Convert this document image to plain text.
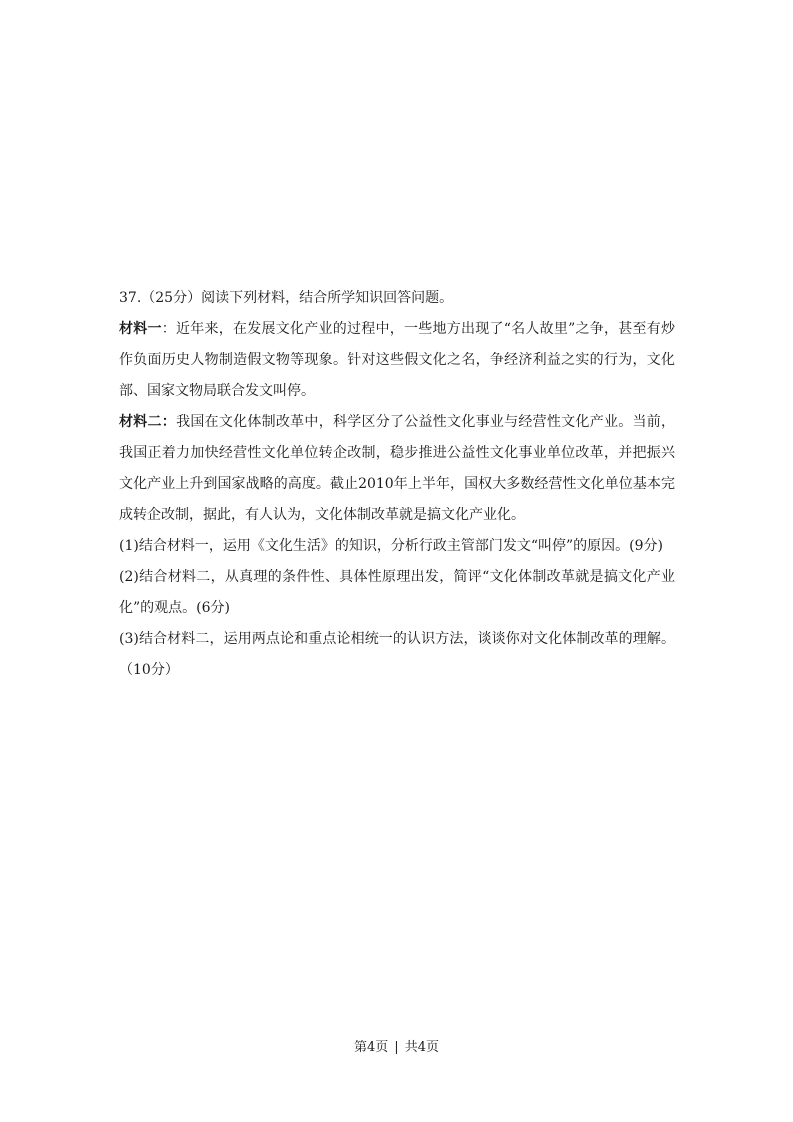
37.（25分）阅读下列材料，结合所学知识回答问题。

材料一：近年来，在发展文化产业的过程中，一些地方出现了“名人故里”之争，甚至有炒作负面历史人物制造假文物等现象。针对这些假文化之名，争经济利益之实的行为，文化部、国家文物局联合发文叫停。

材料二：我国在文化体制改革中，科学区分了公益性文化事业与经营性文化产业。当前，我国正着力加快经营性文化单位转企改制，稳步推进公益性文化事业单位改革，并把振兴文化产业上升到国家战略的高度。截止2010年上半年，国权大多数经营性文化单位基本完成转企改制，据此，有人认为，文化体制改革就是搞文化产业化。

(1)结合材料一，运用《文化生活》的知识，分析行政主管部门发文“叫停”的原因。(9分)

(2)结合材料二，从真理的条件性、具体性原理出发，简评“文化体制改革就是搞文化产业化”的观点。(6分)

(3)结合材料二，运用两点论和重点论相统一的认识方法，谈谈你对文化体制改革的理解。（10分）

第4页 | 共4页
